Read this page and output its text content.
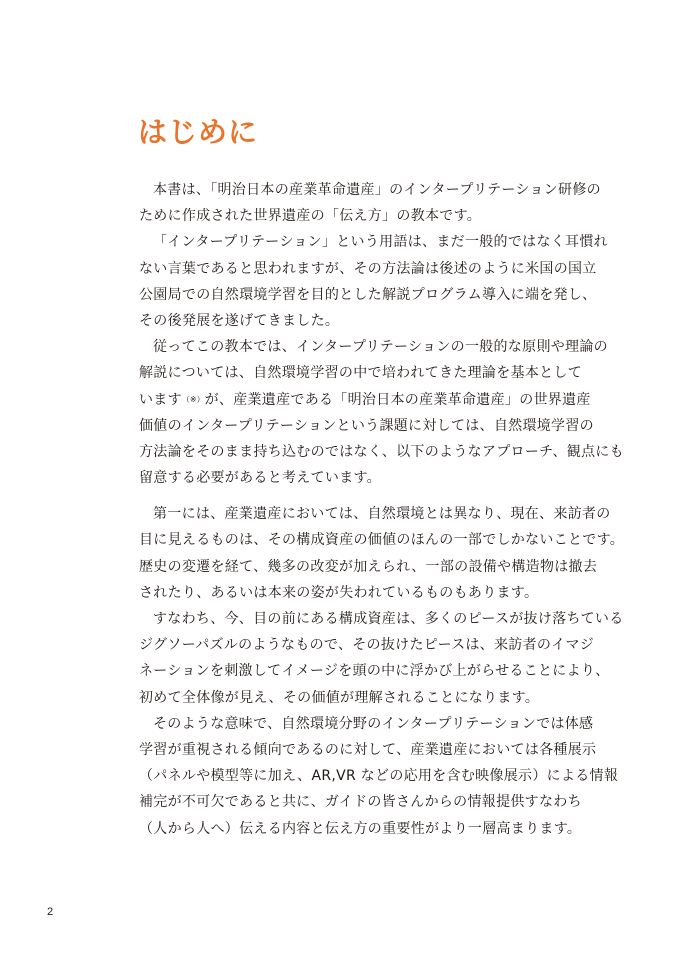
はじめに
本書は、「明治日本の産業革命遺産」のインタープリテーション研修の
ために作成された世界遺産の「伝え方」の教本です。
「インタープリテーション」という用語は、まだ一般的ではなく耳慣れ
ない言葉であると思われますが、その方法論は後述のように米国の国立
公園局での自然環境学習を目的とした解説プログラム導入に端を発し、
その後発展を遂げてきました。
従ってこの教本では、インタープリテーションの一般的な原則や理論の
解説については、自然環境学習の中で培われてきた理論を基本として
います（※）が、産業遺産である「明治日本の産業革命遺産」の世界遺産
価値のインタープリテーションという課題に対しては、自然環境学習の
方法論をそのまま持ち込むのではなく、以下のようなアプローチ、観点にも
留意する必要があると考えています。
第一には、産業遺産においては、自然環境とは異なり、現在、来訪者の
目に見えるものは、その構成資産の価値のほんの一部でしかないことです。
歴史の変遷を経て、幾多の改変が加えられ、一部の設備や構造物は撤去
されたり、あるいは本来の姿が失われているものもあります。
すなわち、今、目の前にある構成資産は、多くのピースが抜け落ちている
ジグソーパズルのようなもので、その抜けたピースは、来訪者のイマジ
ネーションを刺激してイメージを頭の中に浮かび上がらせることにより、
初めて全体像が見え、その価値が理解されることになります。
そのような意味で、自然環境分野のインタープリテーションでは体感
学習が重視される傾向であるのに対して、産業遺産においては各種展示
（パネルや模型等に加え、AR,VR などの応用を含む映像展示）による情報
補完が不可欠であると共に、ガイドの皆さんからの情報提供すなわち
（人から人へ）伝える内容と伝え方の重要性がより一層高まります。
2
